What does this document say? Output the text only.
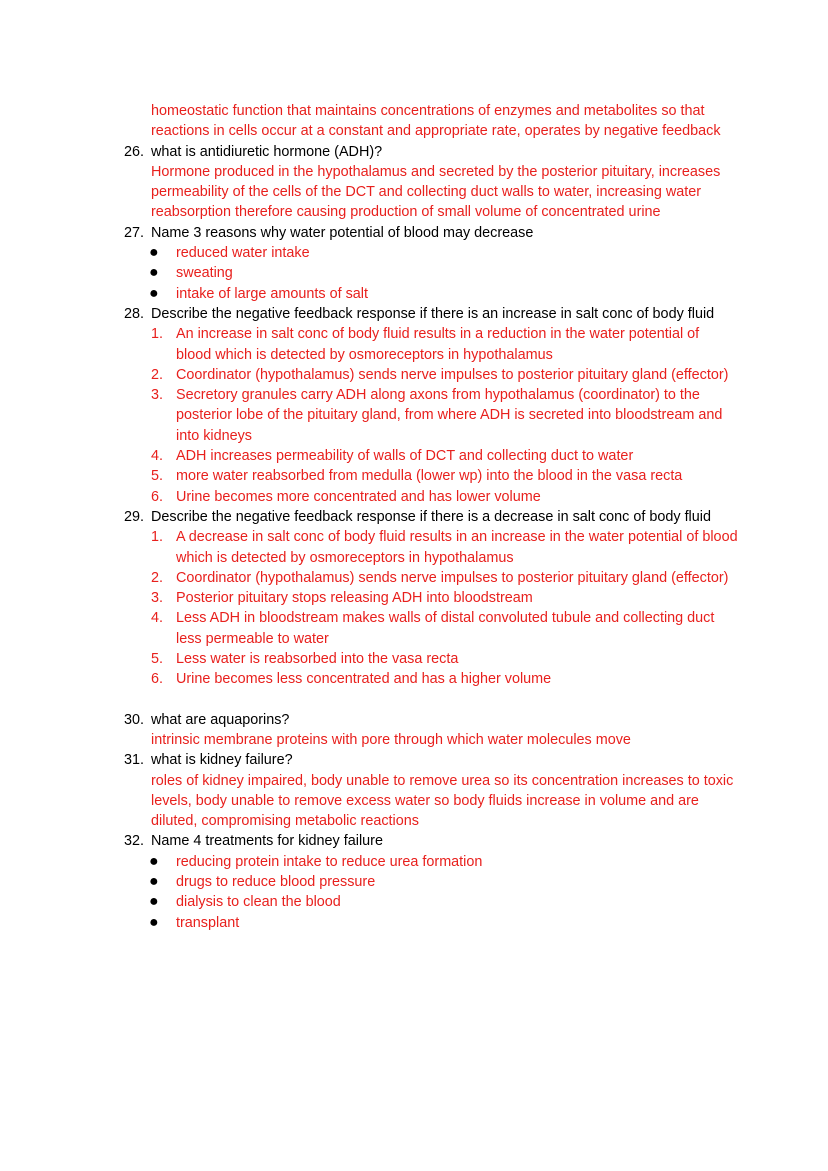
homeostatic function that maintains concentrations of enzymes and metabolites so that reactions in cells occur at a constant and appropriate rate, operates by negative feedback
26. what is antidiuretic hormone (ADH)?
Hormone produced in the hypothalamus and secreted by the posterior pituitary, increases permeability of the cells of the DCT and collecting duct walls to water, increasing water reabsorption therefore causing production of small volume of concentrated urine
27. Name 3 reasons why water potential of blood may decrease
● reduced water intake
● sweating
● intake of large amounts of salt
28. Describe the negative feedback response if there is an increase in salt conc of body fluid
1. An increase in salt conc of body fluid results in a reduction in the water potential of blood which is detected by osmoreceptors in hypothalamus
2. Coordinator (hypothalamus) sends nerve impulses to posterior pituitary gland (effector)
3. Secretory granules carry ADH along axons from hypothalamus (coordinator) to the posterior lobe of the pituitary gland, from where ADH is secreted into bloodstream and into kidneys
4. ADH increases permeability of walls of DCT and collecting duct to water
5. more water reabsorbed from medulla (lower wp) into the blood in the vasa recta
6. Urine becomes more concentrated and has lower volume
29. Describe the negative feedback response if there is a decrease in salt conc of body fluid
1. A decrease in salt conc of body fluid results in an increase in the water potential of blood which is detected by osmoreceptors in hypothalamus
2. Coordinator (hypothalamus) sends nerve impulses to posterior pituitary gland (effector)
3. Posterior pituitary stops releasing ADH into bloodstream
4. Less ADH in bloodstream makes walls of distal convoluted tubule and collecting duct less permeable to water
5. Less water is reabsorbed into the vasa recta
6. Urine becomes less concentrated and has a higher volume
30. what are aquaporins?
intrinsic membrane proteins with pore through which water molecules move
31. what is kidney failure?
roles of kidney impaired, body unable to remove urea so its concentration increases to toxic levels, body unable to remove excess water so body fluids increase in volume and are diluted, compromising metabolic reactions
32. Name 4 treatments for kidney failure
● reducing protein intake to reduce urea formation
● drugs to reduce blood pressure
● dialysis to clean the blood
● transplant
